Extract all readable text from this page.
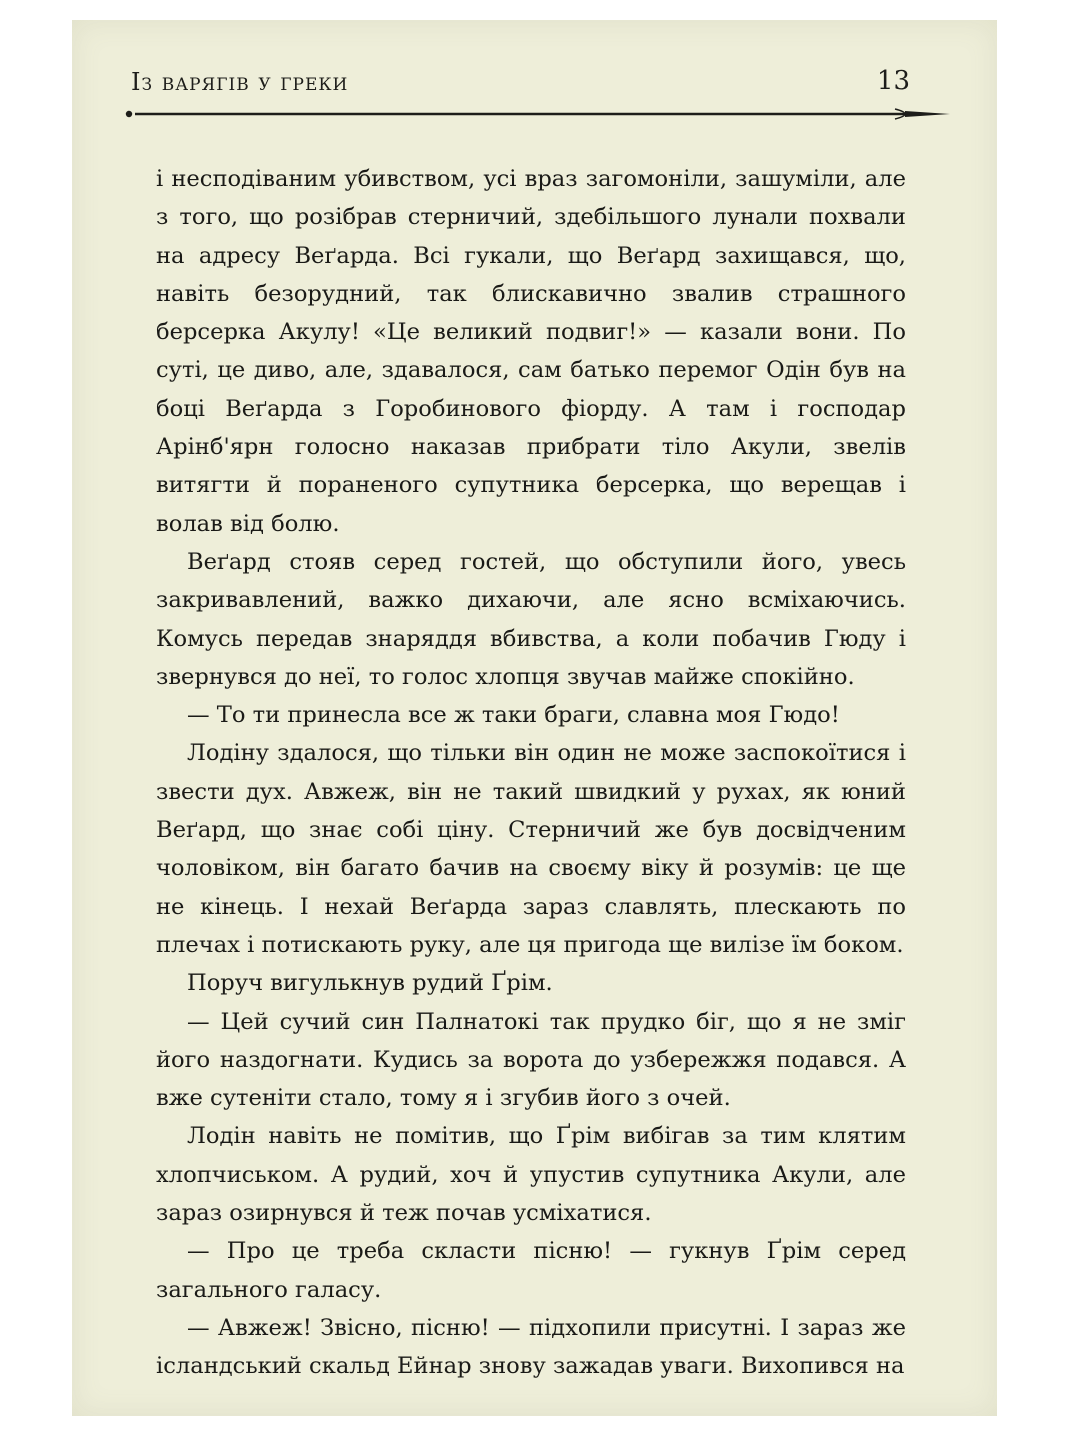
Із варягів у греки	13

і несподіваним убивством, усі враз загомоніли, зашуміли, але з того, що розібрав стерничий, здебільшого лунали похвали на адресу Веґарда. Всі гукали, що Веґард захищався, що, навіть безорудний, так блискавично звалив страшного берсерка Акулу! «Це великий подвиг!» — казали вони. По суті, це диво, але, здавалося, сам батько перемог Одін був на боці Веґарда з Горобинового фіорду. А там і господар Арінб'ярн голосно наказав прибрати тіло Акули, звелів витягти й пораненого супутника берсерка, що верещав і волав від болю.

Веґард стояв серед гостей, що обступили його, увесь закривавлений, важко дихаючи, але ясно всміхаючись. Комусь передав знаряддя вбивства, а коли побачив Гюду і звернувся до неї, то голос хлопця звучав майже спокійно.

— То ти принесла все ж таки браги, славна моя Гюдо!

Лодіну здалося, що тільки він один не може заспокоїтися і звести дух. Авжеж, він не такий швидкий у рухах, як юний Веґард, що знає собі ціну. Стерничий же був досвідченим чоловіком, він багато бачив на своєму віку й розумів: це ще не кінець. І нехай Веґарда зараз славлять, плескають по плечах і потискають руку, але ця пригода ще вилізе їм боком.

Поруч вигулькнув рудий Ґрім.

— Цей сучий син Палнатокі так прудко біг, що я не зміг його наздогнати. Кудись за ворота до узбережжя подався. А вже сутеніти стало, тому я і згубив його з очей.

Лодін навіть не помітив, що Ґрім вибігав за тим клятим хлопчиськом. А рудий, хоч й упустив супутника Акули, але зараз озирнувся й теж почав усміхатися.

— Про це треба скласти пісню! — гукнув Ґрім серед загального галасу.

— Авжеж! Звісно, пісню! — підхопили присутні. І зараз же ісландський скальд Ейнар знову зажадав уваги. Вихопився на
